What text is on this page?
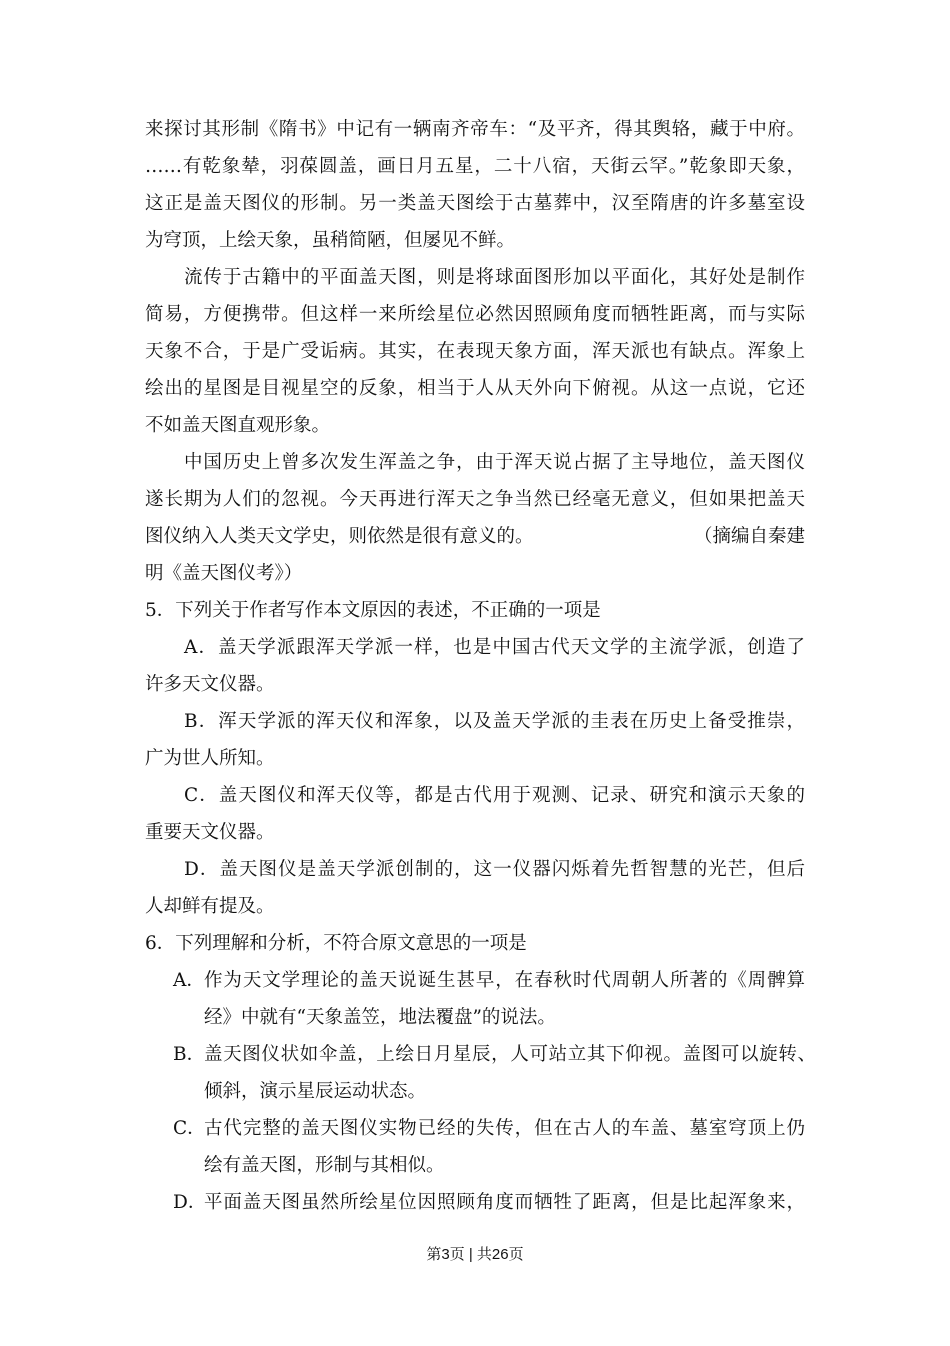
来探讨其形制《隋书》中记有一辆南齐帝车：“及平齐，得其舆辂，藏于中府。
……有乾象辇，羽葆圆盖，画日月五星，二十八宿，天街云罕。”乾象即天象，
这正是盖天图仪的形制。另一类盖天图绘于古墓葬中，汉至隋唐的许多墓室设
为穹顶，上绘天象，虽稍简陋，但屡见不鲜。
流传于古籍中的平面盖天图，则是将球面图形加以平面化，其好处是制作
简易，方便携带。但这样一来所绘星位必然因照顾角度而牺牲距离，而与实际
天象不合，于是广受诟病。其实，在表现天象方面，浑天派也有缺点。浑象上
绘出的星图是目视星空的反象，相当于人从天外向下俯视。从这一点说，它还
不如盖天图直观形象。
中国历史上曾多次发生浑盖之争，由于浑天说占据了主导地位，盖天图仪
遂长期为人们的忽视。今天再进行浑天之争当然已经毫无意义，但如果把盖天
图仪纳入人类天文学史，则依然是很有意义的。	（摘编自秦建
明《盖天图仪考》）
5．下列关于作者写作本文原因的表述，不正确的一项是
A．盖天学派跟浑天学派一样，也是中国古代天文学的主流学派，创造了
许多天文仪器。
B．浑天学派的浑天仪和浑象，以及盖天学派的圭表在历史上备受推崇，
广为世人所知。
C．盖天图仪和浑天仪等，都是古代用于观测、记录、研究和演示天象的
重要天文仪器。
D．盖天图仪是盖天学派创制的，这一仪器闪烁着先哲智慧的光芒，但后
人却鲜有提及。
6．下列理解和分析，不符合原文意思的一项是
A． 作为天文学理论的盖天说诞生甚早，在春秋时代周朝人所著的《周髀算
经》中就有“天象盖笠，地法覆盘”的说法。
B．
盖天图仪状如伞盖，上绘日月星辰，人可站立其下仰视。盖图可以旋转、
倾斜，演示星辰运动状态。
C．
古代完整的盖天图仪实物已经的失传，但在古人的车盖、墓室穹顶上仍
绘有盖天图，形制与其相似。
D．
平面盖天图虽然所绘星位因照顾角度而牺牲了距离，但是比起浑象来，
第3页 | 共26页
